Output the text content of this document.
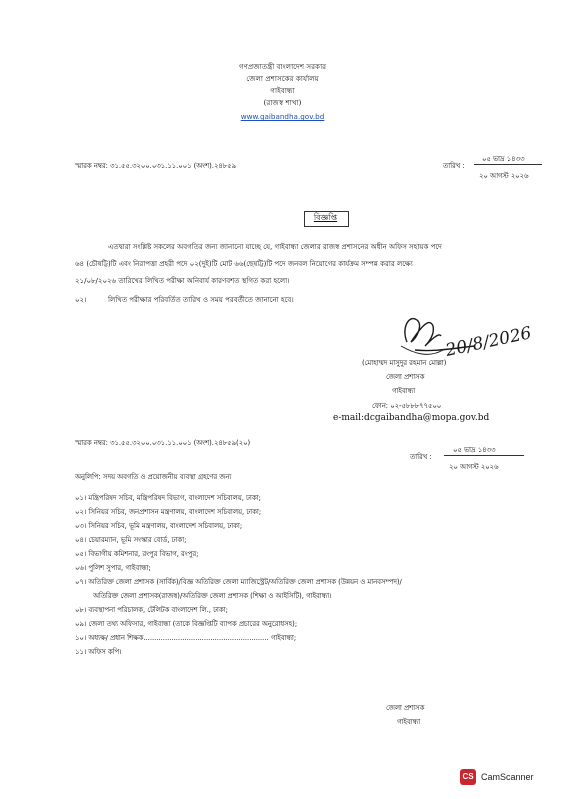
গণপ্রজাতন্ত্রী বাংলাদেশ সরকার
জেলা প্রশাসকের কার্যালয়
গাইবান্ধা
(রাজস্ব শাখা)
www.gaibandha.gov.bd
স্মারক নম্বর: ৩১.৫৫.৩২০০.০৩১.১১.০০১ (অংশ).২৪৮৫৯	তারিখ :
০৫ ভাদ্র ১৪৩৩
২০ আগস্ট ২০২৬
বিজ্ঞপ্তি
এতদ্বারা সংশ্লিষ্ট সকলের অবগতির জন্য জানানো যাচ্ছে যে, গাইবান্ধা জেলার রাজস্ব প্রশাসনের অধীন অফিস সহায়ক পদে
৬৪ (চৌষট্টি)টি এবং নিরাপত্তা প্রহরী পদে ০২(দুই)টি মোট ৬৬(ছেষট্টি)টি পদে জনবল নিয়োগের কার্যক্রম সম্পন্ন করার লক্ষ্যে
২১/০৮/২০২৬ তারিখের লিখিত পরীক্ষা অনিবার্য কারণবশত স্থগিত করা হলো।
০২।	লিখিত পরীক্ষার পরিবর্তিত তারিখ ও সময় পরবর্তীতে জানানো হবে।
20/8/2026
(মোহাম্মদ মাসুদুর রহমান মোল্লা)
জেলা প্রশাসক
গাইবান্ধা
ফোন: ০২-৫৮৮৮৭৭৫০০
e-mail:dcgaibandha@mopa.gov.bd
স্মারক নম্বর: ৩১.৫৫.৩২০০.০৩১.১১.০০১ (অংশ).২৪৮৫৯(২০)
তারিখ :
০৫ ভাদ্র ১৪৩৩
২০ আগস্ট ২০২৬
অনুলিপি: সদয় অবগতি ও প্রয়োজনীয় ব্যবস্থা গ্রহণের জন্য
০১। মন্ত্রিপরিষদ সচিব, মন্ত্রিপরিষদ বিভাগ, বাংলাদেশ সচিবালয়, ঢাকা;
০২। সিনিয়র সচিব, জনপ্রশাসন মন্ত্রণালয়, বাংলাদেশ সচিবালয়, ঢাকা;
০৩। সিনিয়র সচিব, ভূমি মন্ত্রণালয়, বাংলাদেশ সচিবালয়, ঢাকা;
০৪। চেয়ারম্যান, ভূমি সংস্কার বোর্ড, ঢাকা;
০৫। বিভাগীয় কমিশনার, রংপুর বিভাগ, রংপুর;
০৬। পুলিশ সুপার, গাইবান্ধা;
০৭। অতিরিক্ত জেলা প্রশাসক (সার্বিক)/বিজ্ঞ অতিরিক্ত জেলা ম্যাজিস্ট্রেট/অতিরিক্ত জেলা প্রশাসক (উন্নয়ন ও মানবসম্পদ)/
অতিরিক্ত জেলা প্রশাসক(রাজস্ব)/অতিরিক্ত জেলা প্রশাসক (শিক্ষা ও আইসিটি), গাইবান্ধা।
০৮। ব্যবস্থাপনা পরিচালক, টেলিটক বাংলাদেশ লি., ঢাকা;
০৯। জেলা তথ্য অফিসার, গাইবান্ধা (তাকে বিজ্ঞপ্তিটি ব্যাপক প্রচারের অনুরোধসহ);
১০। অধ্যক্ষ/ প্রধান শিক্ষক.......................................................... গাইবান্ধা;
১১। অফিস কপি।
জেলা প্রশাসক
গাইবান্ধা
CS CamScanner
